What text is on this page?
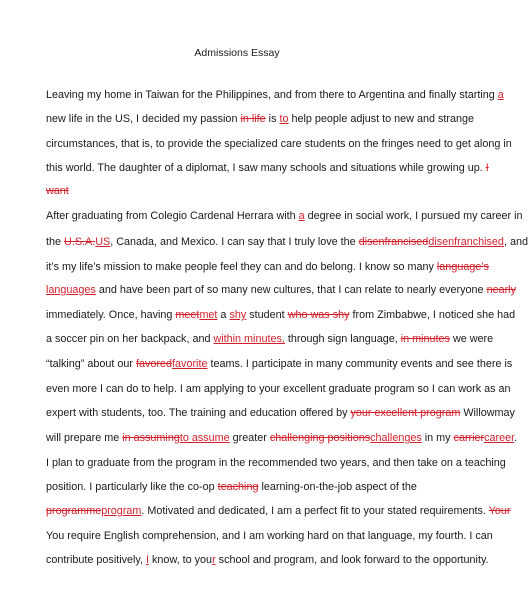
Admissions Essay
Leaving my home in Taiwan for the Philippines, and from there to Argentina and finally starting a
new life in the US, I decided my passion in life is to help people adjust to new and strange
circumstances, that is, to provide the specialized care students on the fringes need to get along in
this world. The daughter of a diplomat, I saw many schools and situations while growing up. I
want
After graduating from Colegio Cardenal Herrara with a degree in social work, I pursued my career in
the U.S.A.US, Canada, and Mexico. I can say that I truly love the disenfranciseddisenfranchised, and
it’s my life’s mission to make people feel they can and do belong. I know so many language’s
languages and have been part of so many new cultures, that I can relate to nearly everyone nearly
immediately. Once, having meetmet a shy student who was shy from Zimbabwe, I noticed she had
a soccer pin on her backpack, and within minutes, through sign language, in minutes we were
“talking” about our favoredfavorite teams. I participate in many community events and see there is
even more I can do to help. I am applying to your excellent graduate program so I can work as an
expert with students, too. The training and education offered by your excellent program Willowmay
will prepare me in assumingto assume greater challenging positionschallenges in my carriercareer.
I plan to graduate from the program in the recommended two years, and then take on a teaching
position. I particularly like the co-op teaching learning-on-the-job aspect of the
programmeprogram. Motivated and dedicated, I am a perfect fit to your stated requirements. Your
You require English comprehension, and I am working hard on that language, my fourth. I can
contribute positively, I know, to your school and program, and look forward to the opportunity.
